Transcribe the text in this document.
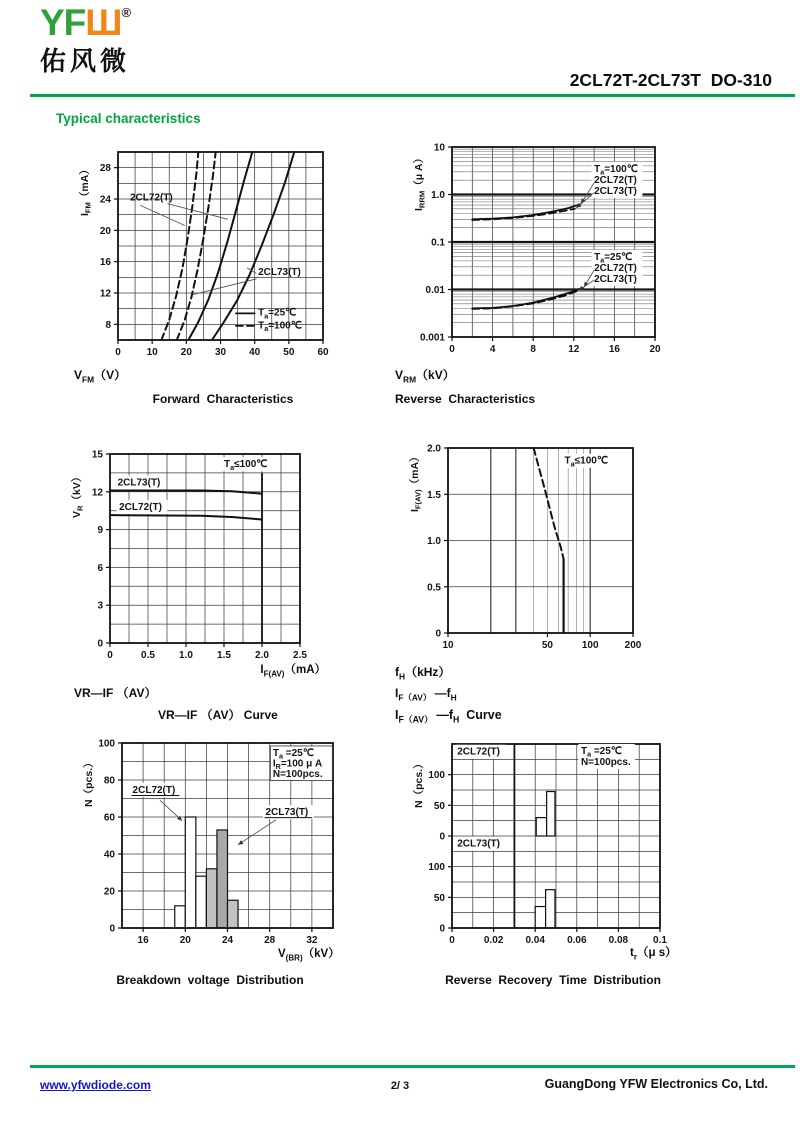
YFШ®
佑风微
2CL72T-2CL73T  DO-310
Typical characteristics
0	10 20 30 40 50 60
8
12
16
20
24
28
$I_{FM}(mA)$	2CL72(T)
2CL73(T)
$T_a=25℃$
$T_a=100℃$
$V_{FM}(V)$
Forward  Characteristics
0	4	8	12	16	20
10
1.0
0.1
0.01
0.001
$I_{RRM}(\mu$ A）	$T_a=100℃$
2CL72(T)
2CL73(T)
$T_a=25℃$
2CL72(T)
2CL73(T)
$V_{RM}(kV)$
Reverse  Characteristics
0	0.5 1.0 1.5 2.0 2.5
0
3
6
9
12
15
$V_R(kV)$	2CL73(T)
2CL72(T)
$T_a\le 100℃$
$I_{F(AV)}(mA)$
VR—IF （AV）
VR—IF （AV） Curve
10	50	100	200
0
0.5
1.0
1.5
2.0
$I_{F(AV)}(mA)$	$T_a\le 100℃$
$f_H(kHz)$
$I_{F(AV)}$ $—f_H$
$I_{F(AV)}$ $—f_H$  Curve
16	20	24	28	32
0
20
40
60
80
100
N（pcs.）	2CL72(T)
2CL73(T)
$T_a$ =25℃
$I_R=100$ μ A
N=100pcs.
$V_{(BR)}(kV)$
Breakdown  voltage  Distribution
0	0.02 0.04 0.06 0.08 0.1
0
50
100
0
50
100
N（pcs.）
2CL72(T)
2CL73(T)
$T_a$ =25℃
N=100pcs.
$t_r(\mu$ s）
Reverse  Recovery  Time  Distribution
www.yfwdiode.com	2/ 3	GuangDong YFW Electronics Co, Ltd.
